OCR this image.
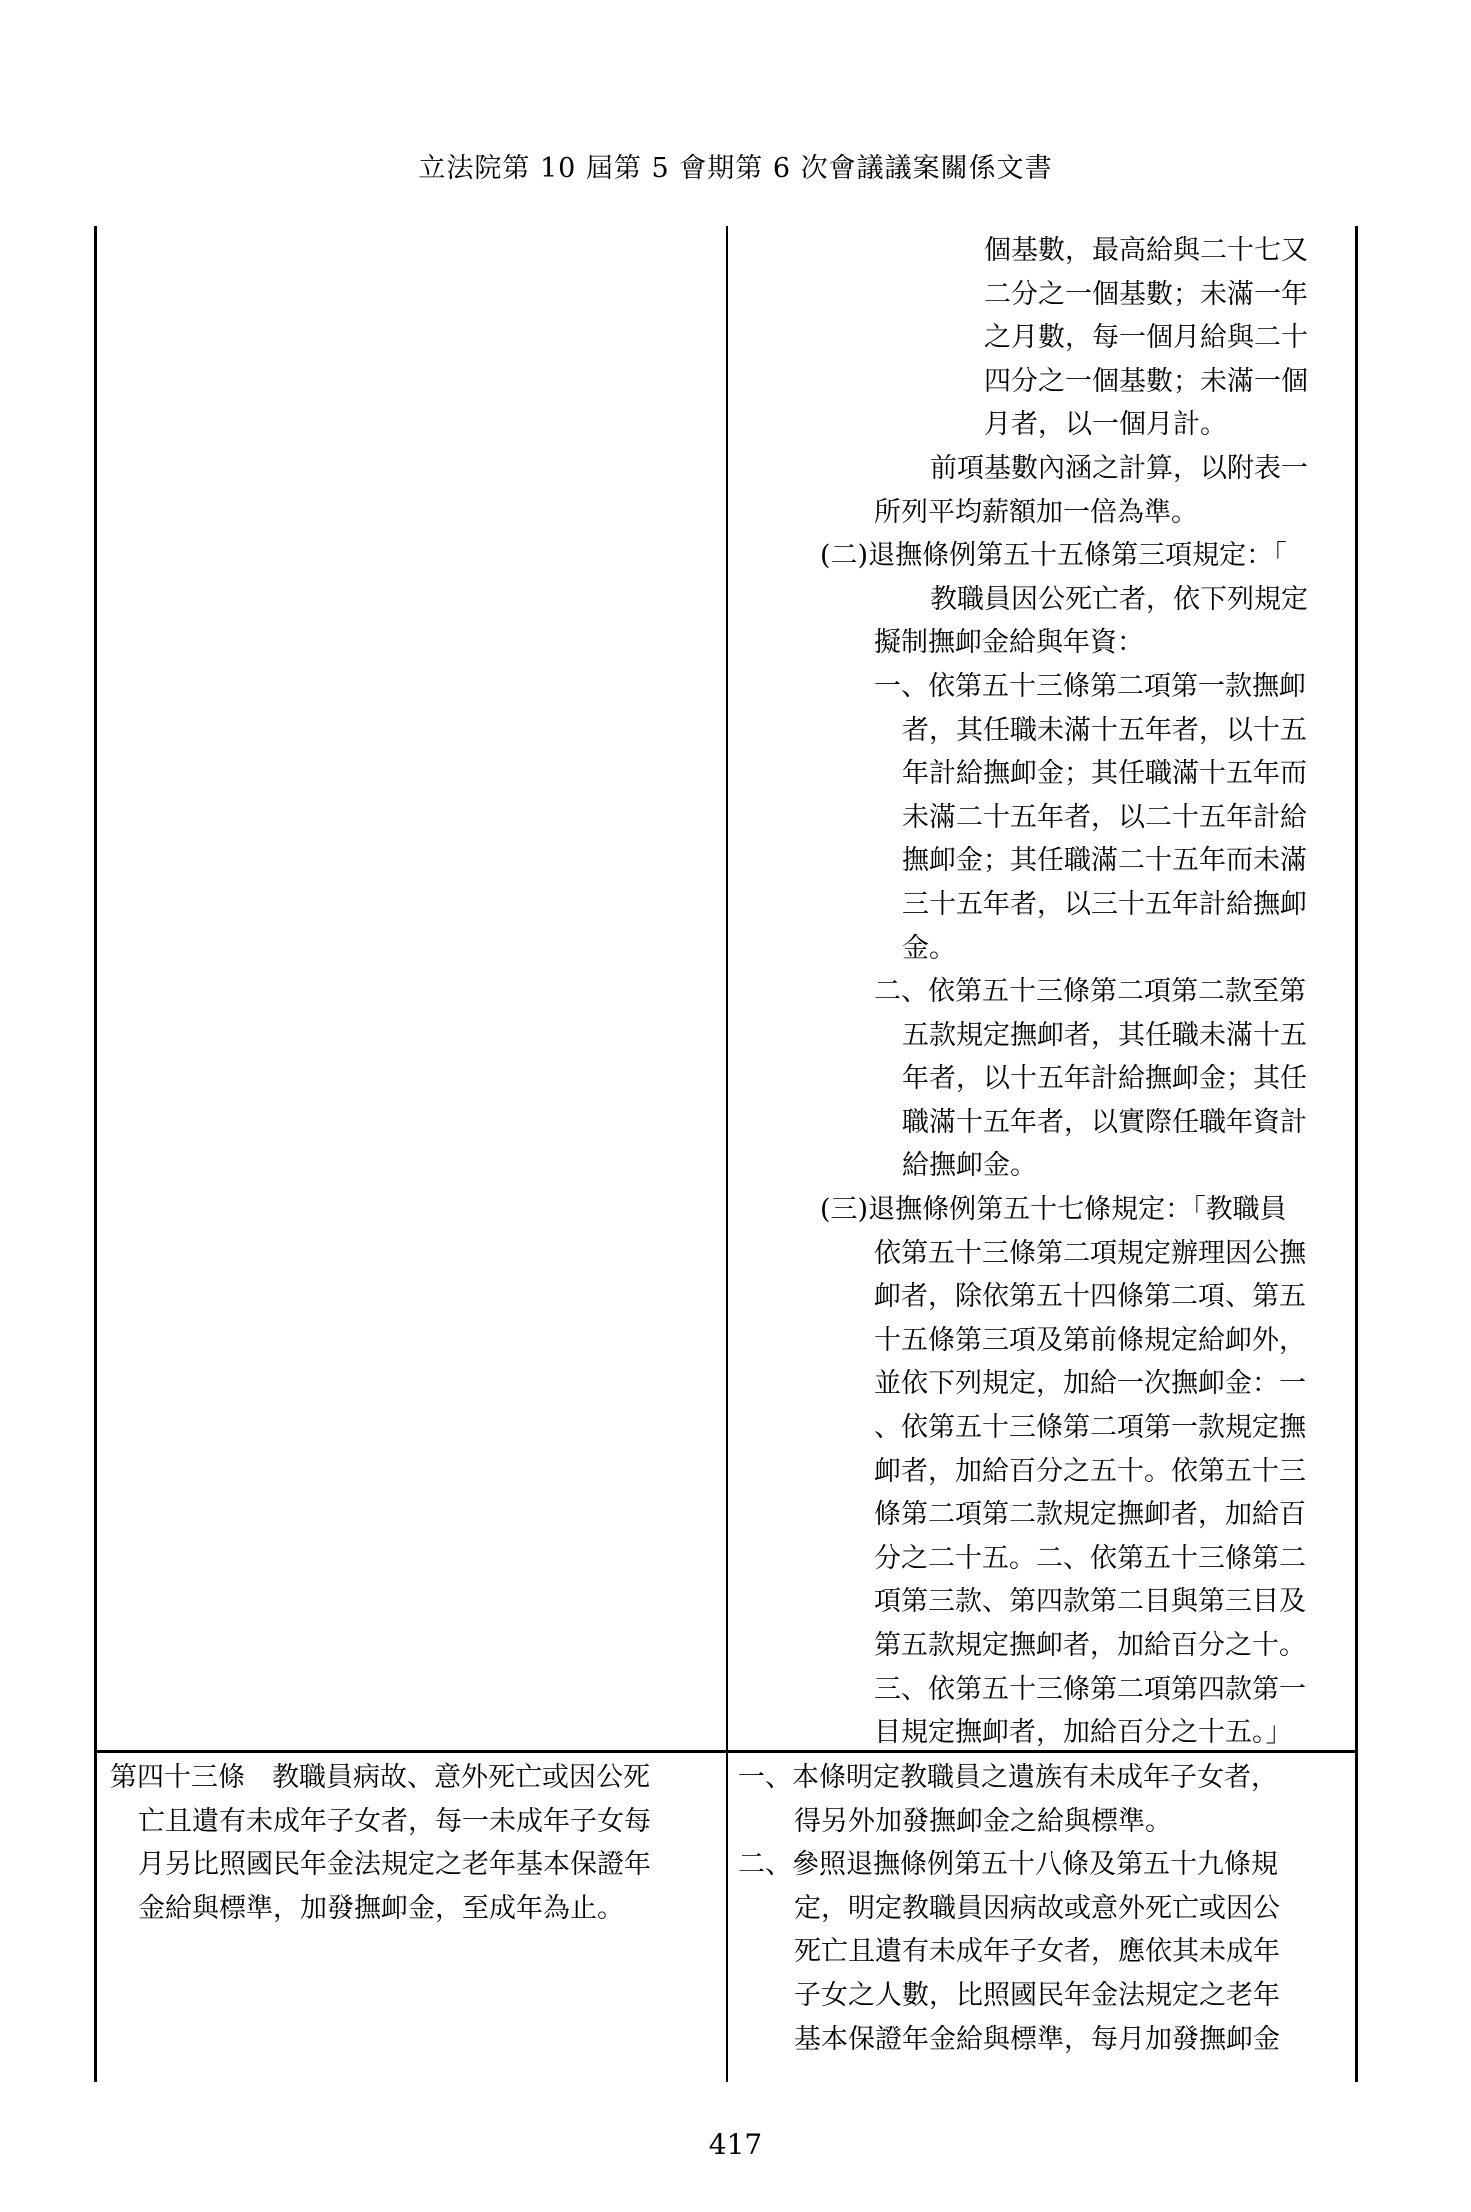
立法院第 10 屆第 5 會期第 6 次會議議案關係文書
個基數，最高給與二十七又
二分之一個基數；未滿一年
之月數，每一個月給與二十
四分之一個基數；未滿一個
月者，以一個月計。
前項基數內涵之計算，以附表一
所列平均薪額加一倍為準。
(二)退撫條例第五十五條第三項規定：「
教職員因公死亡者，依下列規定
擬制撫卹金給與年資：
一、依第五十三條第二項第一款撫卹
者，其任職未滿十五年者，以十五
年計給撫卹金；其任職滿十五年而
未滿二十五年者，以二十五年計給
撫卹金；其任職滿二十五年而未滿
三十五年者，以三十五年計給撫卹
金。
二、依第五十三條第二項第二款至第
五款規定撫卹者，其任職未滿十五
年者，以十五年計給撫卹金；其任
職滿十五年者，以實際任職年資計
給撫卹金。
(三)退撫條例第五十七條規定：「教職員
依第五十三條第二項規定辦理因公撫
卹者，除依第五十四條第二項、第五
十五條第三項及第前條規定給卹外，
並依下列規定，加給一次撫卹金：一
、依第五十三條第二項第一款規定撫
卹者，加給百分之五十。依第五十三
條第二項第二款規定撫卹者，加給百
分之二十五。二、依第五十三條第二
項第三款、第四款第二目與第三目及
第五款規定撫卹者，加給百分之十。
三、依第五十三條第二項第四款第一
目規定撫卹者，加給百分之十五。」
第四十三條　教職員病故、意外死亡或因公死
亡且遺有未成年子女者，每一未成年子女每
月另比照國民年金法規定之老年基本保證年
金給與標準，加發撫卹金，至成年為止。
一、本條明定教職員之遺族有未成年子女者，
得另外加發撫卹金之給與標準。
二、參照退撫條例第五十八條及第五十九條規
定，明定教職員因病故或意外死亡或因公
死亡且遺有未成年子女者，應依其未成年
子女之人數，比照國民年金法規定之老年
基本保證年金給與標準，每月加發撫卹金
417
